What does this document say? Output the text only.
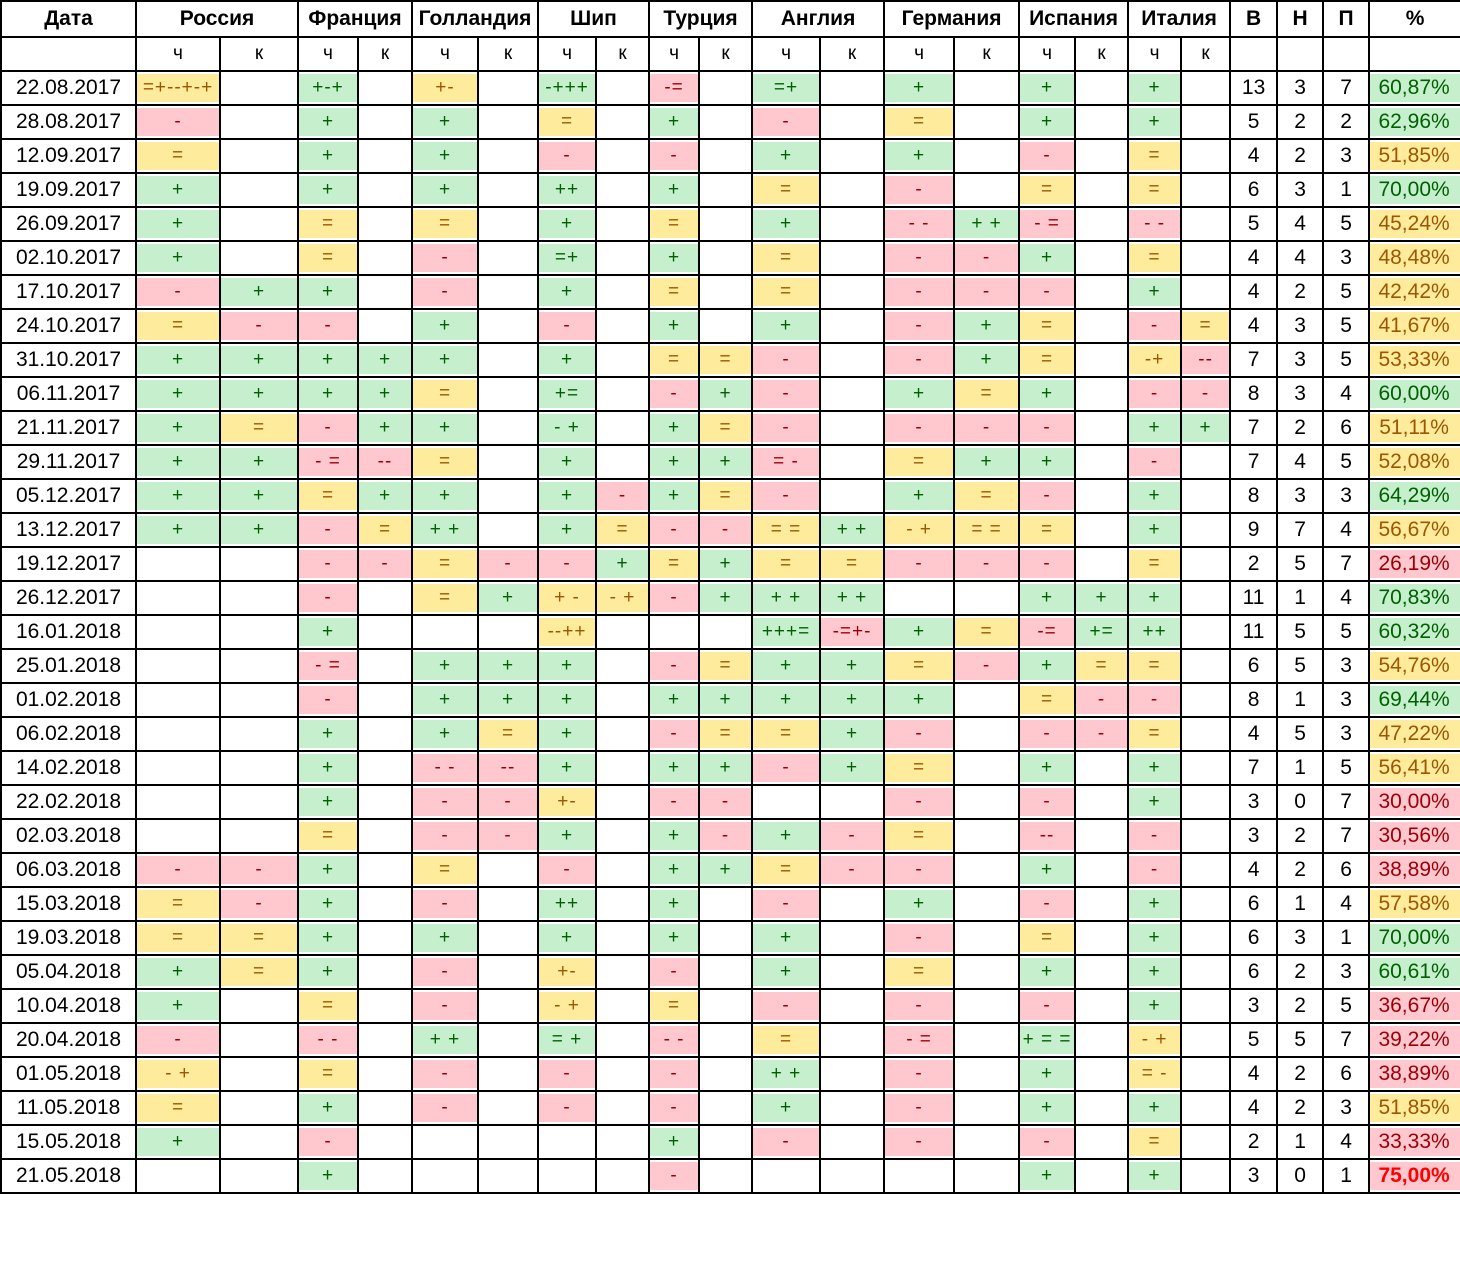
Дата	Россия		Франция		Голландия		Шип		Турция		Англия		Германия		Испания		Италия		В	Н	П	%
	ч	к	ч	к	ч	к	ч	к	ч	к	ч	к	ч	к	ч	к	ч	к				
22.08.2017	=+--+-+		+-+		+-		-+++		-=		=+		+		+		+		13	3	7	60,87%

28.08.2017	-		+		+		=		+		-		=		+		+		5	2	2	62,96%

12.09.2017	=		+		+		-		-		+		+		-		=		4	2	3	51,85%

19.09.2017	+		+		+		++		+		=		-		=		=		6	3	1	70,00%

26.09.2017	+		=		=		+		=		+		- -	+ +	- =		- -		5	4	5	45,24%

02.10.2017	+		=		-		=+		+		=		-	-	+		=		4	4	3	48,48%

17.10.2017	-	+	+		-		+		=		=		-	-	-		+		4	2	5	42,42%

24.10.2017	=	-	-		+		-		+		+		-	+	=		-	=	4	3	5	41,67%

31.10.2017	+	+	+	+	+		+		=	=	-		-	+	=		-+	--	7	3	5	53,33%

06.11.2017	+	+	+	+	=		+=		-	+	-		+	=	+		-	-	8	3	4	60,00%

21.11.2017	+	=	-	+	+		- +		+	=	-		-	-	-		+	+	7	2	6	51,11%

29.11.2017	+	+	- =	--	=		+		+	+	= -		=	+	+		-		7	4	5	52,08%

05.12.2017	+	+	=	+	+		+	-	+	=	-		+	=	-		+		8	3	3	64,29%

13.12.2017	+	+	-	=	+ +		+	=	-	-	= =	+ +	- +	= =	=		+		9	7	4	56,67%

19.12.2017			-	-	=	-	-	+	=	+	=	=	-	-	-		=		2	5	7	26,19%

26.12.2017			-		=	+	+ -	- +	-	+	+ +	+ +			+	+	+		11	1	4	70,83%

16.01.2018			+				--++				+++=	-=+-	+	=	-=	+=	++		11	5	5	60,32%

25.01.2018			- =		+	+	+		-	=	+	+	=	-	+	=	=		6	5	3	54,76%

01.02.2018			-		+	+	+		+	+	+	+	+		=	-	-		8	1	3	69,44%

06.02.2018			+		+	=	+		-	=	=	+	-		-	-	=		4	5	3	47,22%

14.02.2018			+		- -	--	+		+	+	-	+	=		+		+		7	1	5	56,41%

22.02.2018			+		-	-	+-		-	-			-		-		+		3	0	7	30,00%

02.03.2018			=		-	-	+		+	-	+	-	=		--		-		3	2	7	30,56%

06.03.2018	-	-	+		=		-		+	+	=	-	-		+		-		4	2	6	38,89%

15.03.2018	=	-	+		-		++		+		-		+		-		+		6	1	4	57,58%

19.03.2018	=	=	+		+		+		+		+		-		=		+		6	3	1	70,00%

05.04.2018	+	=	+		-		+-		-		+		=		+		+		6	2	3	60,61%

10.04.2018	+		=		-		- +		=		-		-		-		+		3	2	5	36,67%

20.04.2018	-		- -		+ +		= +		- -		=		- =		+ = =		- +		5	5	7	39,22%

01.05.2018	- +		=		-		-		-		+ +		-		+		= -		4	2	6	38,89%

11.05.2018	=		+		-		-		-		+		-		+		+		4	2	3	51,85%

15.05.2018	+		-						+		-		-		-		=		2	1	4	33,33%

21.05.2018			+						-						+		+		3	0	1	75,00%
